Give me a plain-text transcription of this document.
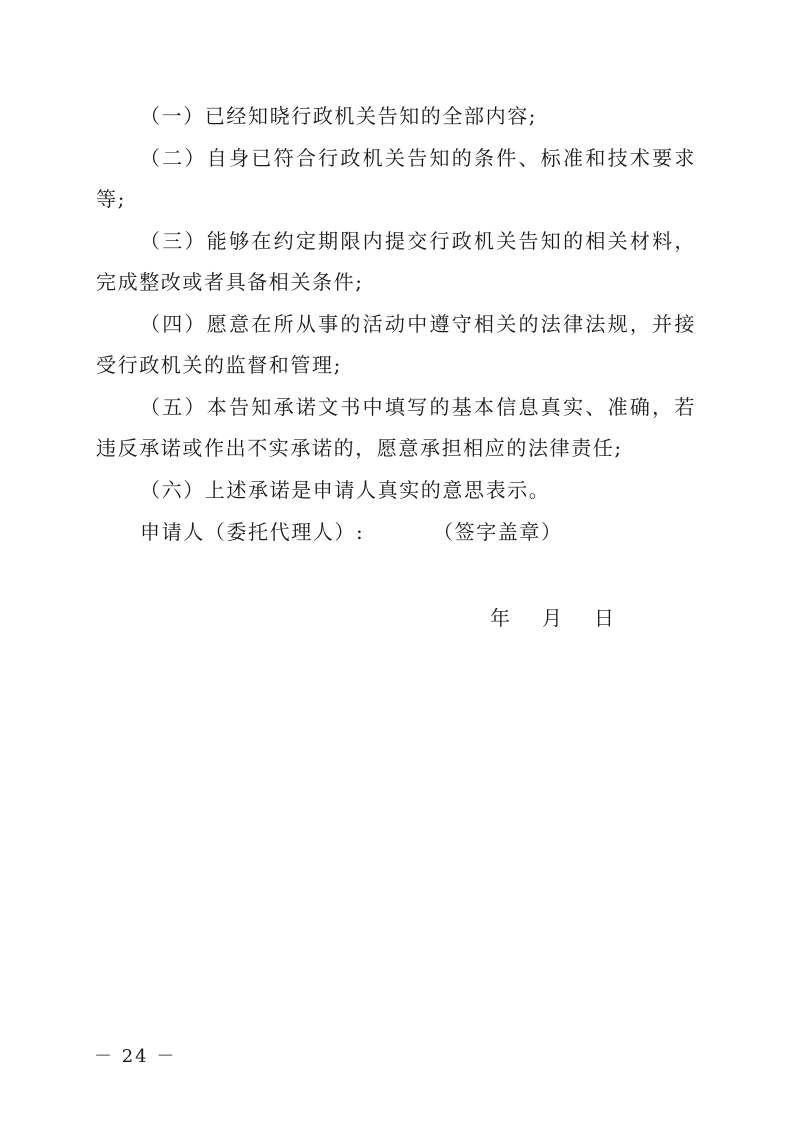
（一）已经知晓行政机关告知的全部内容;

（二）自身已符合行政机关告知的条件、标准和技术要求等;

（三）能够在约定期限内提交行政机关告知的相关材料，完成整改或者具备相关条件;

（四）愿意在所从事的活动中遵守相关的法律法规，并接受行政机关的监督和管理;

（五）本告知承诺文书中填写的基本信息真实、准确，若违反承诺或作出不实承诺的，愿意承担相应的法律责任;

（六）上述承诺是申请人真实的意思表示。

申请人（委托代理人）:	（签字盖章）
年 月 日
－ 24 －
